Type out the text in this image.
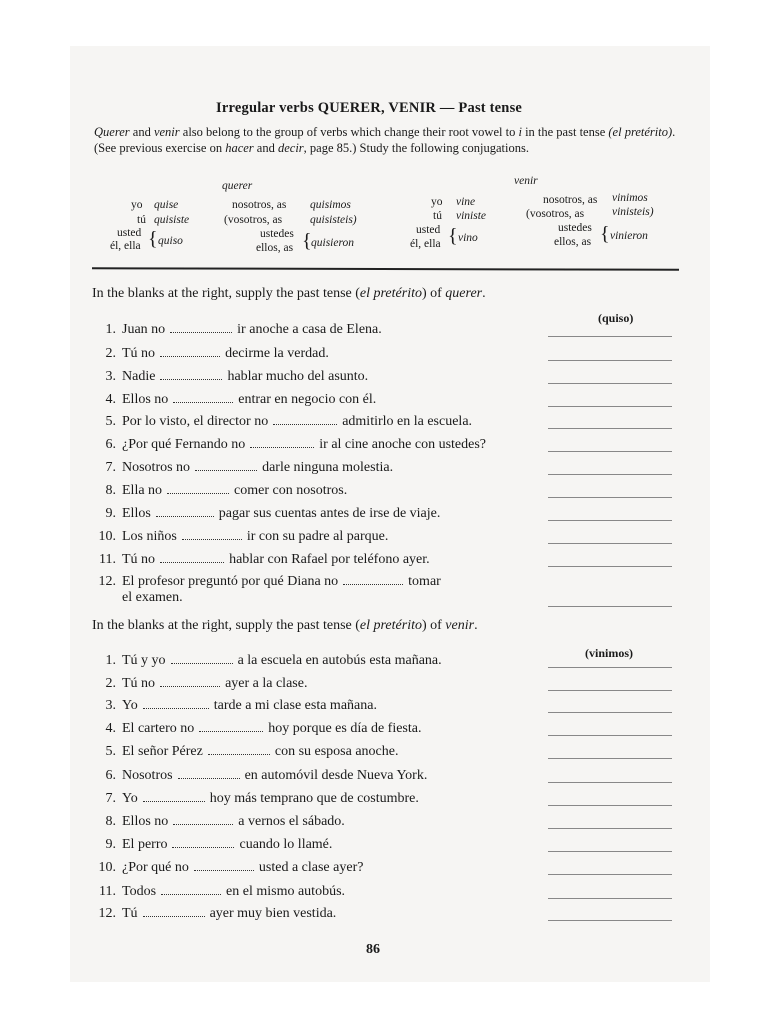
Irregular verbs QUERER, VENIR — Past tense
Querer and venir also belong to the group of verbs which change their root vowel to i in the past tense (el pretérito). (See previous exercise on hacer and decir, page 85.) Study the following conjugations.
querer
yo quise
tú quisiste
usted
él, ella { quiso
nosotros, as quisimos
(vosotros, as quisisteis)
ustedes
ellos, as { quisieron
venir
yo vine
tú viniste
usted
él, ella { vino
nosotros, as vinimos
(vosotros, as vinisteis)
ustedes
ellos, as { vinieron
In the blanks at the right, supply the past tense (el pretérito) of querer.
(quiso)
1. Juan no	ir anoche a casa de Elena.
2. Tú no	decirme la verdad.
3. Nadie	hablar mucho del asunto.
4. Ellos no	entrar en negocio con él.
5. Por lo visto, el director no	admitirlo en la escuela.
6. ¿Por qué Fernando no	ir al cine anoche con ustedes?
7. Nosotros no	darle ninguna molestia.
8. Ella no	comer con nosotros.
9. Ellos	pagar sus cuentas antes de irse de viaje.
10. Los niños	ir con su padre al parque.
11. Tú no	hablar con Rafael por teléfono ayer.
12. El profesor preguntó por qué Diana no	tomar
el examen.
In the blanks at the right, supply the past tense (el pretérito) of venir.
(vinimos)
1. Tú y yo	a la escuela en autobús esta mañana.
2. Tú no	ayer a la clase.
3. Yo	tarde a mi clase esta mañana.
4. El cartero no	hoy porque es día de fiesta.
5. El señor Pérez	con su esposa anoche.
6. Nosotros	en automóvil desde Nueva York.
7. Yo	hoy más temprano que de costumbre.
8. Ellos no	a vernos el sábado.
9. El perro	cuando lo llamé.
10. ¿Por qué no	usted a clase ayer?
11. Todos	en el mismo autobús.
12. Tú	ayer muy bien vestida.
86
